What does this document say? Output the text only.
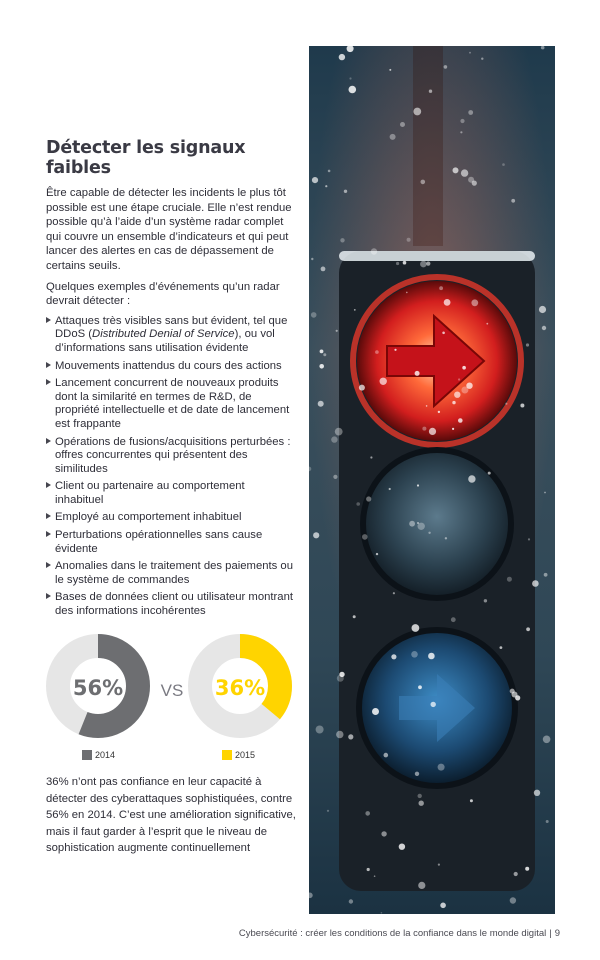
Détecter les signaux faibles

Être capable de détecter les incidents le plus tôt possible est une étape cruciale. Elle n’est rendue possible qu’à l’aide d’un système radar complet qui couvre un ensemble d’indicateurs et qui peut lancer des alertes en cas de dépassement de certains seuils.

Quelques exemples d’événements qu’un radar devrait détecter :

Attaques très visibles sans but évident, tel que DDoS (Distributed Denial of Service), ou vol d’informations sans utilisation évidente
Mouvements inattendus du cours des actions
Lancement concurrent de nouveaux produits dont la similarité en termes de R&D, de propriété intellectuelle et de date de lancement est frappante
Opérations de fusions/acquisitions perturbées : offres concurrentes qui présentent des similitudes
Client ou partenaire au comportement inhabituel
Employé au comportement inhabituel
Perturbations opérationnelles sans cause évidente
Anomalies dans le traitement des paiements ou le système de commandes
Bases de données client ou utilisateur montrant des informations incohérentes
56%	VS	36%
2014	2015

36% n’ont pas confiance en leur capacité à détecter des cyberattaques sophistiquées, contre 56% en 2014. C’est une amélioration significative, mais il faut garder à l’esprit que le niveau de sophistication augmente continuellement

Cybersécurité : créer les conditions de la confiance dans le monde digital | 9
